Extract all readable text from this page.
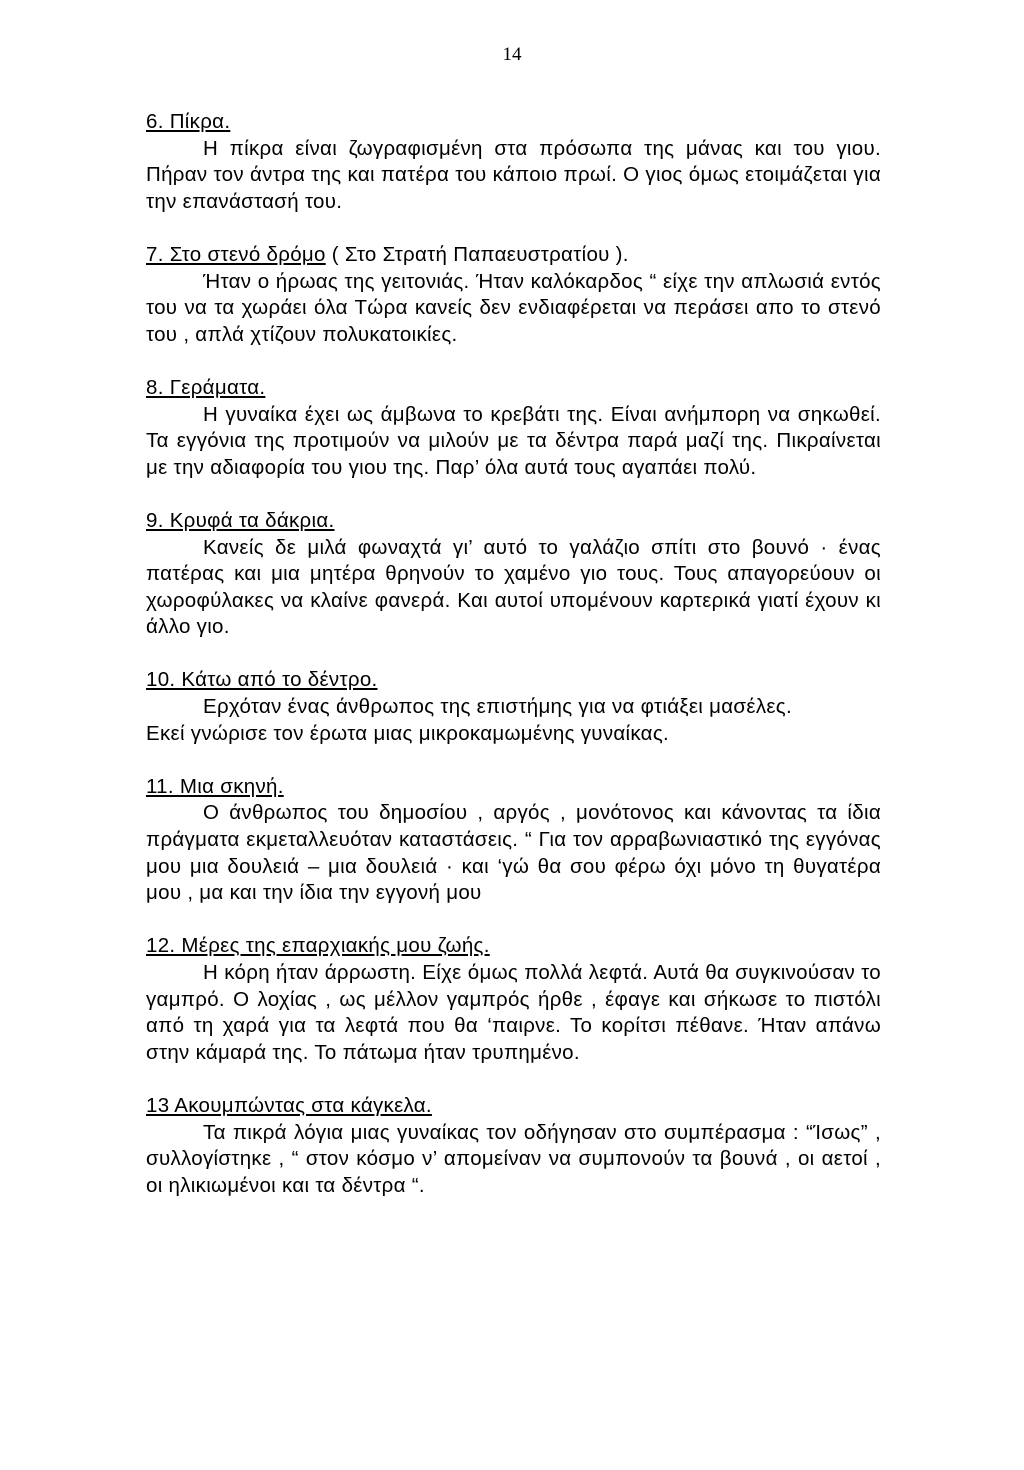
14
6. Πίκρα.
Η πίκρα είναι ζωγραφισμένη στα πρόσωπα της μάνας και του γιου. Πήραν τον άντρα της και πατέρα του κάποιο πρωί. Ο γιος όμως ετοιμάζεται για την επανάστασή του.
7. Στο στενό δρόμο ( Στο Στρατή Παπαευστρατίου ).
Ήταν ο ήρωας της γειτονιάς. Ήταν καλόκαρδος “ είχε την απλωσιά εντός του να τα χωράει όλα Τώρα κανείς δεν ενδιαφέρεται να περάσει απο το στενό του , απλά χτίζουν πολυκατοικίες.
8. Γεράματα.
Η γυναίκα έχει ως άμβωνα το κρεβάτι της. Είναι ανήμπορη να σηκωθεί. Τα εγγόνια της προτιμούν να μιλούν με τα δέντρα παρά μαζί της. Πικραίνεται με την αδιαφορία του γιου της. Παρ’ όλα αυτά τους αγαπάει πολύ.
9. Κρυφά τα δάκρια.
Κανείς δε μιλά φωναχτά γι’ αυτό το γαλάζιο σπίτι στο βουνό · ένας πατέρας και μια μητέρα θρηνούν το χαμένο γιο τους. Τους απαγορεύουν οι χωροφύλακες να κλαίνε φανερά. Και αυτοί υπομένουν καρτερικά γιατί έχουν κι άλλο γιο.
10. Κάτω από το δέντρο.
Ερχόταν ένας άνθρωπος της επιστήμης για να φτιάξει μασέλες.
Εκεί γνώρισε τον έρωτα μιας μικροκαμωμένης γυναίκας.
11. Μια σκηνή.
Ο άνθρωπος του δημοσίου , αργός , μονότονος και κάνοντας τα ίδια πράγματα εκμεταλλευόταν καταστάσεις. “ Για τον αρραβωνιαστικό της εγγόνας μου μια δουλειά – μια δουλειά · και ‘γώ θα σου φέρω όχι μόνο τη θυγατέρα μου , μα και την ίδια την εγγονή μου
12. Μέρες της επαρχιακής μου ζωής.
Η κόρη ήταν άρρωστη. Είχε όμως πολλά λεφτά. Αυτά θα συγκινούσαν το γαμπρό. Ο λοχίας , ως μέλλον γαμπρός ήρθε , έφαγε και σήκωσε το πιστόλι από τη χαρά για τα λεφτά που θα ‘παιρνε. Το κορίτσι πέθανε. Ήταν απάνω στην κάμαρά της. Το πάτωμα ήταν τρυπημένο.
13 Ακουμπώντας στα κάγκελα.
Τα πικρά λόγια μιας γυναίκας τον οδήγησαν στο συμπέρασμα : “Ίσως” , συλλογίστηκε , “ στον κόσμο ν’ απομείναν να συμπονούν τα βουνά , οι αετοί , οι ηλικιωμένοι και τα δέντρα “.
